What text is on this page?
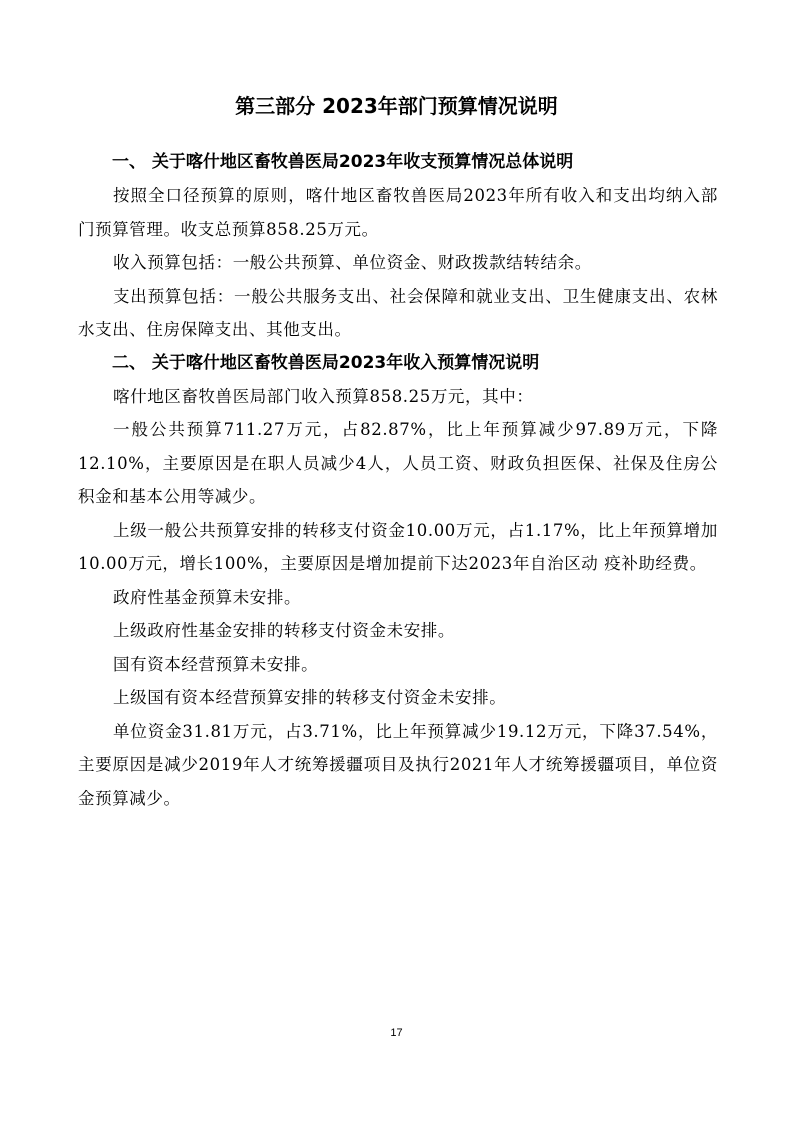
第三部分 2023年部门预算情况说明

一、 关于喀什地区畜牧兽医局2023年收支预算情况总体说明

按照全口径预算的原则，喀什地区畜牧兽医局2023年所有收入和支出均纳入部门预算管理。收支总预算858.25万元。

收入预算包括：一般公共预算、单位资金、财政拨款结转结余。

支出预算包括：一般公共服务支出、社会保障和就业支出、卫生健康支出、农林水支出、住房保障支出、其他支出。

二、 关于喀什地区畜牧兽医局2023年收入预算情况说明

喀什地区畜牧兽医局部门收入预算858.25万元，其中：

一般公共预算711.27万元，占82.87%，比上年预算减少97.89万元，下降12.10%，主要原因是在职人员减少4人，人员工资、财政负担医保、社保及住房公积金和基本公用等减少。

上级一般公共预算安排的转移支付资金10.00万元，占1.17%，比上年预算增加10.00万元，增长100%，主要原因是增加提前下达2023年自治区动 疫补助经费。

政府性基金预算未安排。

上级政府性基金安排的转移支付资金未安排。

国有资本经营预算未安排。

上级国有资本经营预算安排的转移支付资金未安排。

单位资金31.81万元，占3.71%，比上年预算减少19.12万元，下降37.54%，主要原因是减少2019年人才统筹援疆项目及执行2021年人才统筹援疆项目，单位资金预算减少。

17
